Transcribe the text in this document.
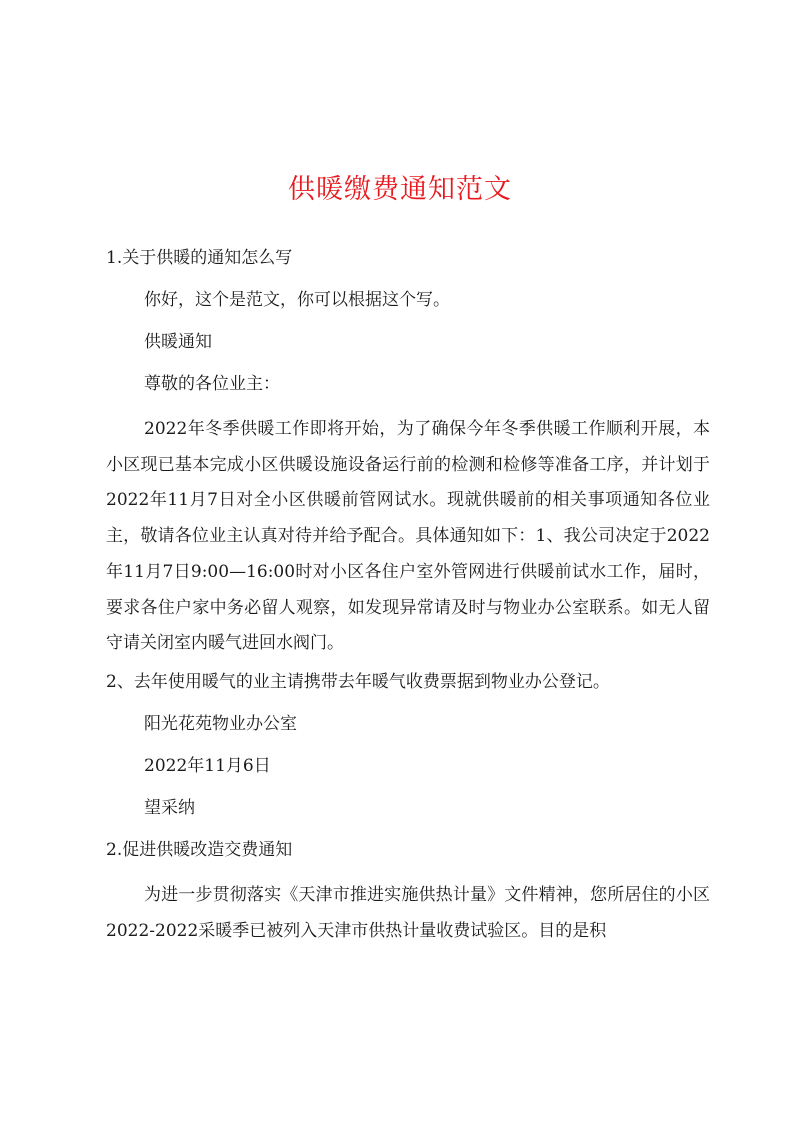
供暖缴费通知范文

1.关于供暖的通知怎么写

你好，这个是范文，你可以根据这个写。

供暖通知

尊敬的各位业主：

2022年冬季供暖工作即将开始，为了确保今年冬季供暖工作顺利开展，本小区现已基本完成小区供暖设施设备运行前的检测和检修等准备工序，并计划于2022年11月7日对全小区供暖前管网试水。现就供暖前的相关事项通知各位业主，敬请各位业主认真对待并给予配合。具体通知如下：1、我公司决定于2022年11月7日9:00—16:00时对小区各住户室外管网进行供暖前试水工作，届时，要求各住户家中务必留人观察，如发现异常请及时与物业办公室联系。如无人留守请关闭室内暖气进回水阀门。

2、去年使用暖气的业主请携带去年暖气收费票据到物业办公登记。

阳光花苑物业办公室

2022年11月6日

望采纳

2.促进供暖改造交费通知

为进一步贯彻落实《天津市推进实施供热计量》文件精神，您所居住的小区2022-2022采暖季已被列入天津市供热计量收费试验区。目的是积
